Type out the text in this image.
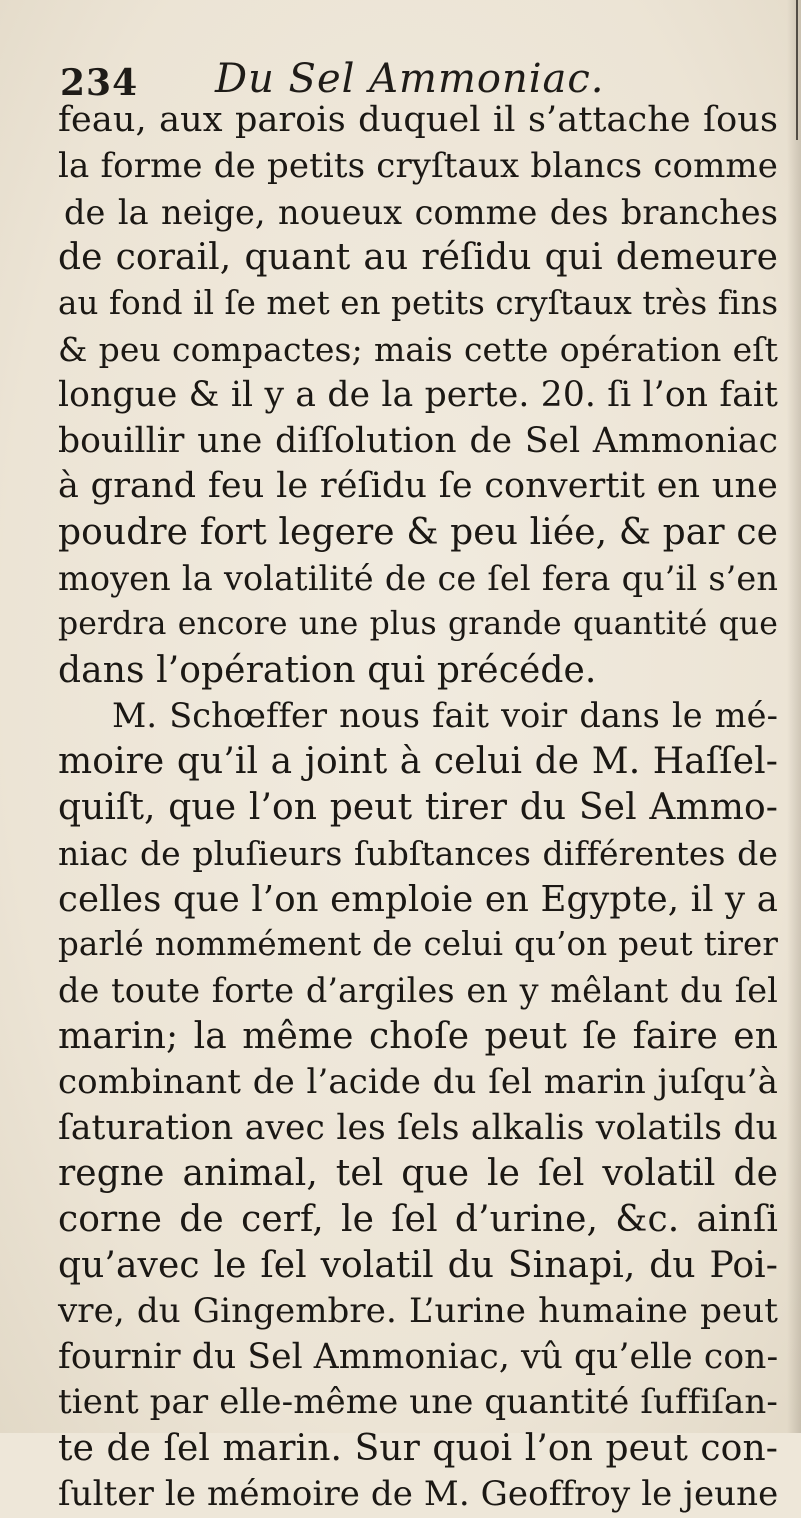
234 Du Sel Ammoniac.
feau, aux parois duquel il s’attache ſous
la forme de petits cryſtaux blancs comme
de la neige, noueux comme des branches
de corail, quant au réſidu qui demeure
au fond il ſe met en petits cryſtaux très fins
& peu compactes; mais cette opération eſt
longue & il y a de la perte. 20. ſi l’on fait
bouillir une diſſolution de Sel Ammoniac
à grand feu le réſidu ſe convertit en une
poudre fort legere & peu liée, & par ce
moyen la volatilité de ce ſel fera qu’il s’en
perdra encore une plus grande quantité que
dans l’opération qui précéde.
M. Schœffer nous fait voir dans le mé-
moire qu’il a joint à celui de M. Haſſel-
quiſt, que l’on peut tirer du Sel Ammo-
niac de pluſieurs ſubſtances différentes de
celles que l’on emploie en Egypte, il y a
parlé nommément de celui qu’on peut tirer
de toute forte d’argiles en y mêlant du ſel
marin; la même choſe peut ſe faire en
combinant de l’acide du ſel marin juſqu’à
ſaturation avec les ſels alkalis volatils du
regne animal, tel que le ſel volatil de
corne de cerf, le ſel d’urine, &c. ainſi
qu’avec le ſel volatil du Sinapi, du Poi-
vre, du Gingembre. L’urine humaine peut
fournir du Sel Ammoniac, vû qu’elle con-
tient par elle-même une quantité ſuffiſan-
te de ſel marin. Sur quoi l’on peut con-
ſulter le mémoire de M. Geoffroy le jeune
